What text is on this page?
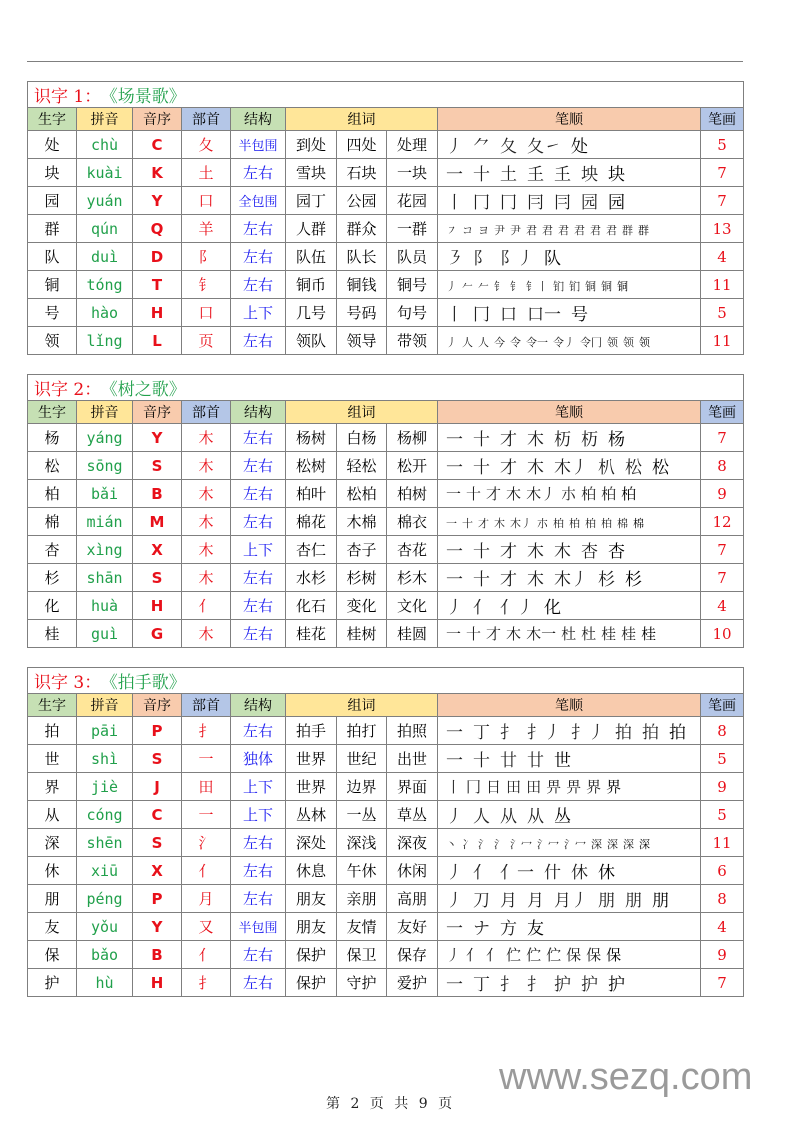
识字 1： 《场景歌》									
生字	拼音	音序	部首	结构	组词			笔顺	笔画
处	chù	C	夂	半包围	到处	四处	处理	丿 ⺈ 夂 夂㇀ 处	5
块	kuài	K	土	左右	雪块	石块	一块	一 十 土 𡈼 𡈼 坱 块	7
园	yuán	Y	口	全包围	园丁	公园	花园	丨 冂 冂 冃 冃 园 园	7
群	qún	Q	羊	左右	人群	群众	一群	㇇ コ ヨ 尹 尹 君 君 君 君 君 君 群 群	13
队	duì	D	阝	左右	队伍	队长	队员	㇋ 阝 阝丿 队	4
铜	tóng	T	钅	左右	铜币	铜钱	铜号	丿 𠂉 𠂉 钅 钅 钅丨 钔 钔 铜 铜 铜	11
号	hào	H	口	上下	几号	号码	句号	丨 冂 口 口一 号	5
领	lǐng	L	页	左右	领队	领导	带领	丿 人 人 今 令 令一 令丿 令冂 领 领 领	11
识字 2： 《树之歌》									
生字	拼音	音序	部首	结构	组词			笔顺	笔画
杨	yáng	Y	木	左右	杨树	白杨	杨柳	一 十 才 木 杤 杤 杨	7
松	sōng	S	木	左右	松树	轻松	松开	一 十 才 木 木丿 朳 松 松	8
柏	bǎi	B	木	左右	柏叶	松柏	柏树	一 十 才 木 木丿 朩 柏 柏 柏	9
棉	mián	M	木	左右	棉花	木棉	棉衣	一 十 才 木 木丿 朩 柏 柏 柏 柏 棉 棉	12
杏	xìng	X	木	上下	杏仁	杏子	杏花	一 十 才 木 木 杏 杏	7
杉	shān	S	木	左右	水杉	杉树	杉木	一 十 才 木 木丿 杉 杉	7
化	huà	H	亻	左右	化石	变化	文化	丿 亻 亻丿 化	4
桂	guì	G	木	左右	桂花	桂树	桂圆	一 十 才 木 木一 杜 杜 桂 桂 桂	10
识字 3： 《拍手歌》									
生字	拼音	音序	部首	结构	组词			笔顺	笔画
拍	pāi	P	扌	左右	拍手	拍打	拍照	一 丁 扌 扌丿 扌丿 拍 拍 拍	8
世	shì	S	一	独体	世界	世纪	出世	一 十 廿 廿 世	5
界	jiè	J	田	上下	世界	边界	界面	丨 冂 日 田 田 畀 畀 界 界	9
从	cóng	C	一	上下	丛林	一丛	草丛	丿 人 从 从 丛	5
深	shēn	S	氵	左右	深处	深浅	深夜	丶 冫 氵 氵 氵冖 氵冖 氵冖 深 深 深 深	11
休	xiū	X	亻	左右	休息	午休	休闲	丿 亻 亻一 什 休 休	6
朋	péng	P	月	左右	朋友	亲朋	高朋	丿 刀 月 月 月丿 朋 朋 朋	8
友	yǒu	Y	又	半包围	朋友	友情	友好	一 ナ 方 友	4
保	bǎo	B	亻	左右	保护	保卫	保存	丿 亻 亻 伫 伫 伫 保 保 保	9
护	hù	H	扌	左右	保护	守护	爱护	一 丁 扌 扌 护 护 护	7
第 2 页 共 9 页
www.sezq.com
